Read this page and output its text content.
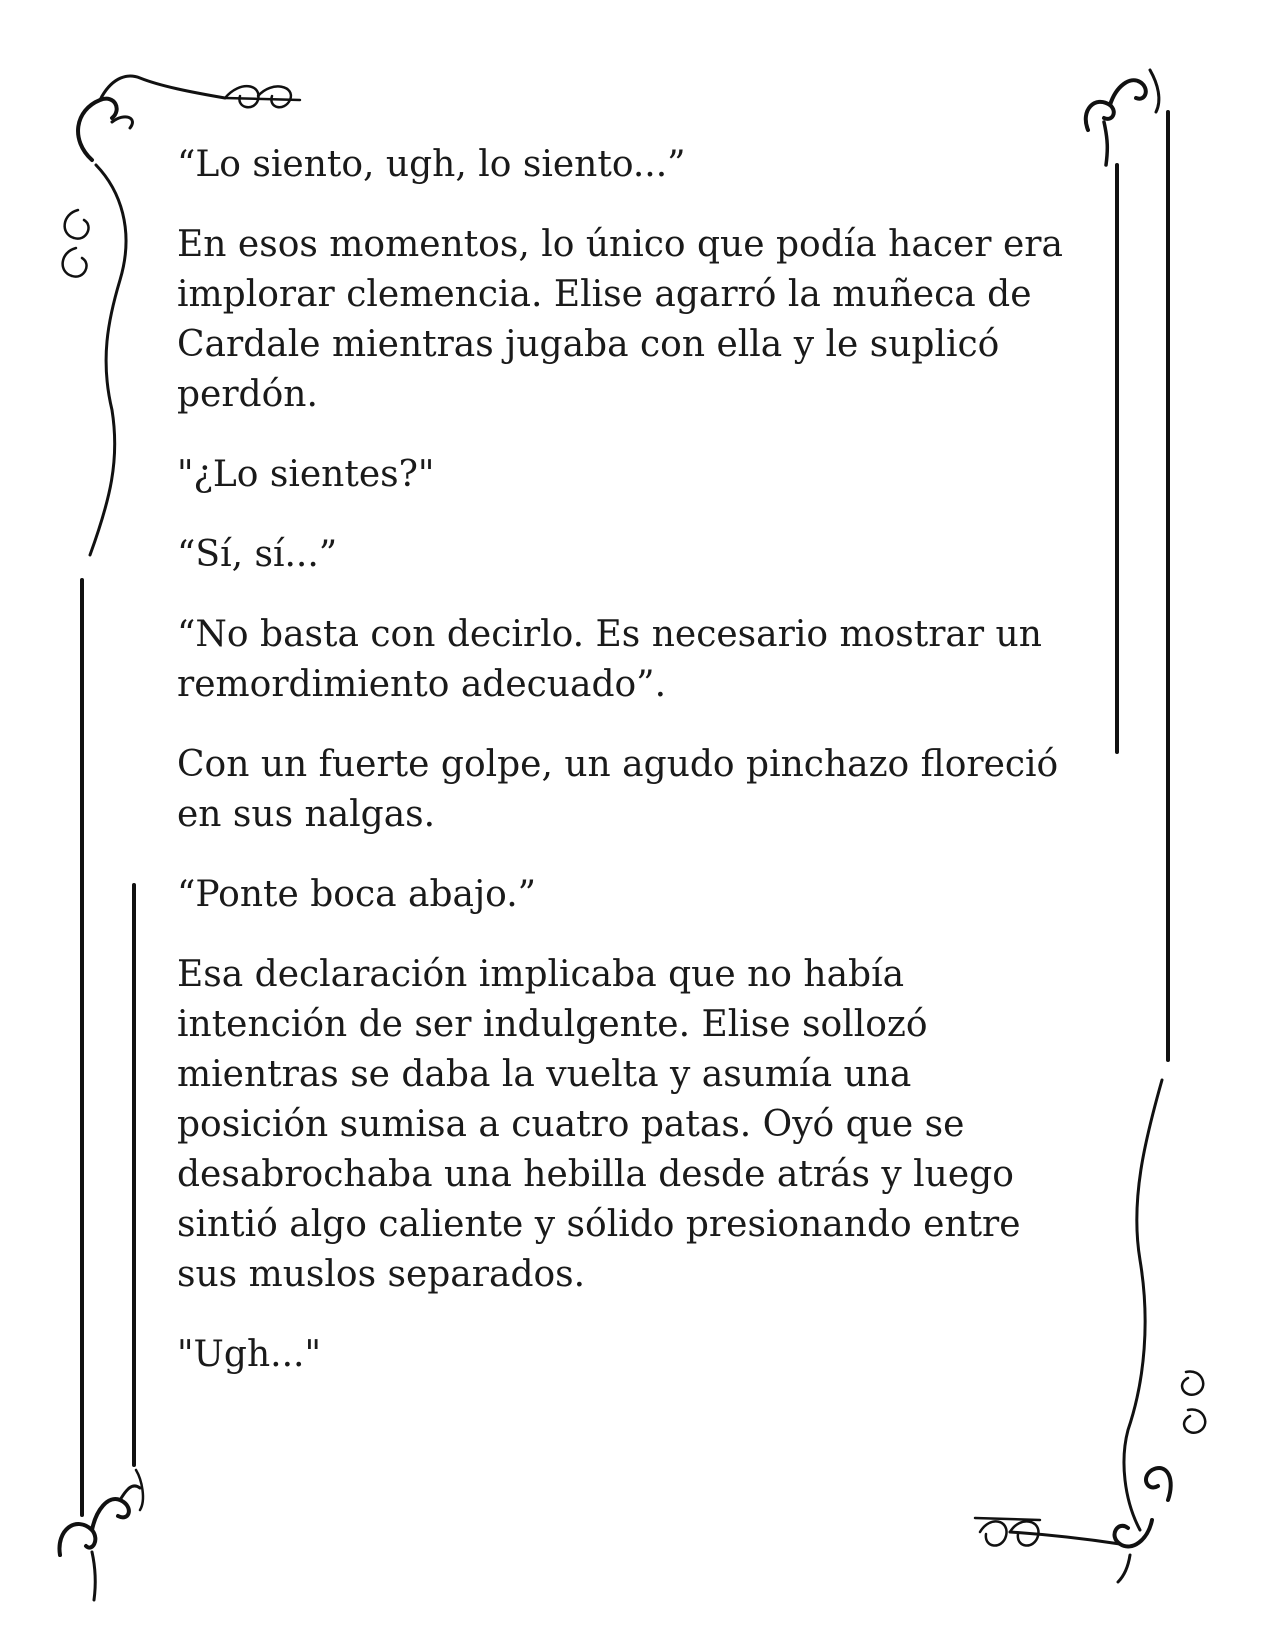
“Lo siento, ugh, lo siento...”

En esos momentos, lo único que podía hacer era
implorar clemencia. Elise agarró la muñeca de
Cardale mientras jugaba con ella y le suplicó
perdón.

"¿Lo sientes?"

“Sí, sí...”

“No basta con decirlo. Es necesario mostrar un
remordimiento adecuado”.

Con un fuerte golpe, un agudo pinchazo floreció
en sus nalgas.

“Ponte boca abajo.”

Esa declaración implicaba que no había
intención de ser indulgente. Elise sollozó
mientras se daba la vuelta y asumía una
posición sumisa a cuatro patas. Oyó que se
desabrochaba una hebilla desde atrás y luego
sintió algo caliente y sólido presionando entre
sus muslos separados.

"Ugh..."
